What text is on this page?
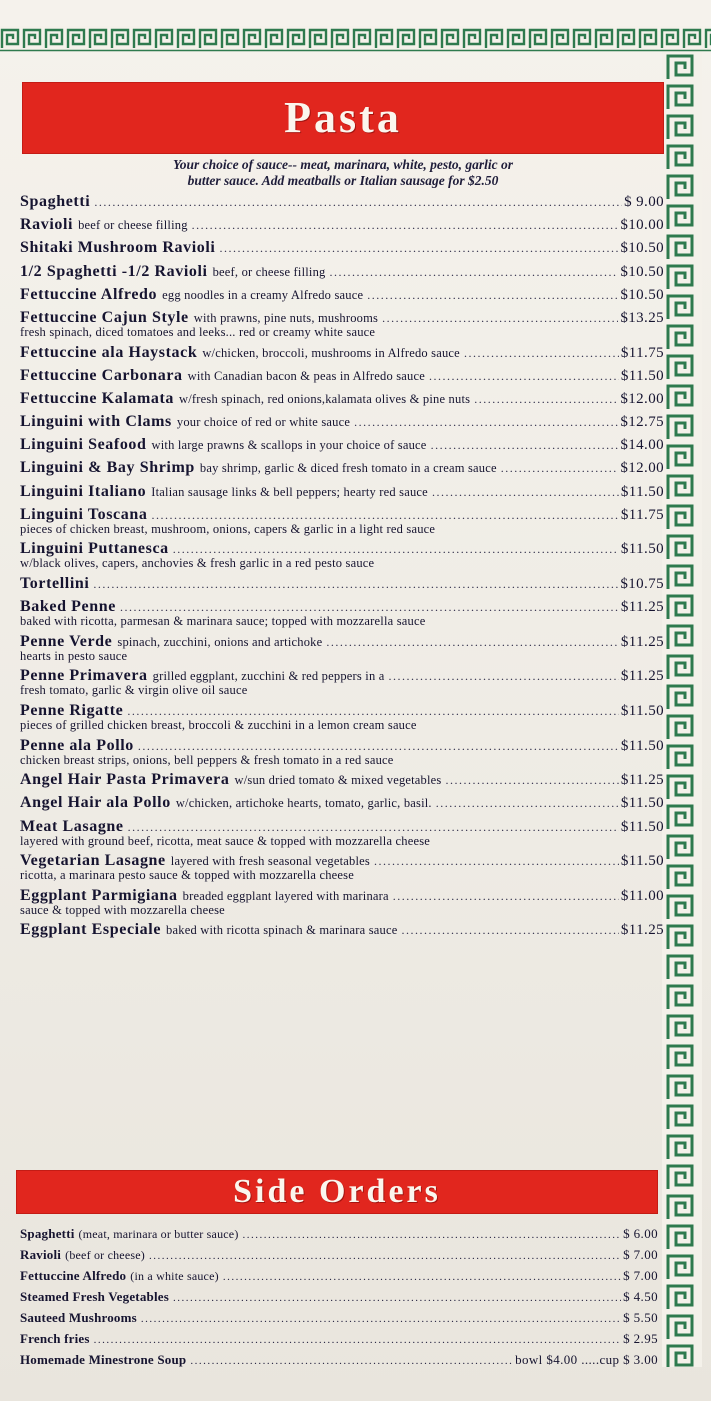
Pasta
Your choice of sauce-- meat, marinara, white, pesto, garlic or
butter sauce. Add meatballs or Italian sausage for $2.50
Spaghetti .....	$ 9.00
Ravioli beef or cheese filling .....	$10.00
Shitaki Mushroom Ravioli .....	$10.50
1/2 Spaghetti -1/2 Ravioli beef, or cheese filling .....	$10.50
Fettuccine Alfredo egg noodles in a creamy Alfredo sauce .....	$10.50
Fettuccine Cajun Style with prawns, pine nuts, mushrooms .....	$13.25
fresh spinach, diced tomatoes and leeks... red or creamy white sauce
Fettuccine ala Haystack w/chicken, broccoli, mushrooms in Alfredo sauce .....	$11.75
Fettuccine Carbonara with Canadian bacon & peas in Alfredo sauce .....	$11.50
Fettuccine Kalamata w/fresh spinach, red onions,kalamata olives & pine nuts .....	$12.00
Linguini with Clams your choice of red or white sauce .....	$12.75
Linguini Seafood with large prawns & scallops in your choice of sauce .....	$14.00
Linguini & Bay Shrimp bay shrimp, garlic & diced fresh tomato in a cream sauce .....	$12.00
Linguini Italiano Italian sausage links & bell peppers; hearty red sauce .....	$11.50
Linguini Toscana .....	$11.75
pieces of chicken breast, mushroom, onions, capers & garlic in a light red sauce
Linguini Puttanesca .....	$11.50
w/black olives, capers, anchovies & fresh garlic in a red pesto sauce
Tortellini .....	$10.75
Baked Penne .....	$11.25
baked with ricotta, parmesan & marinara sauce; topped with mozzarella sauce
Penne Verde spinach, zucchini, onions and artichoke .....	$11.25
hearts in pesto sauce
Penne Primavera grilled eggplant, zucchini & red peppers in a .....	$11.25
fresh tomato, garlic & virgin olive oil sauce
Penne Rigatte .....	$11.50
pieces of grilled chicken breast, broccoli & zucchini in a lemon cream sauce
Penne ala Pollo .....	$11.50
chicken breast strips, onions, bell peppers & fresh tomato in a red sauce
Angel Hair Pasta Primavera w/sun dried tomato & mixed vegetables .....	$11.25
Angel Hair ala Pollo w/chicken, artichoke hearts, tomato, garlic, basil. .....	$11.50
Meat Lasagne .....	$11.50
layered with ground beef, ricotta, meat sauce & topped with mozzarella cheese
Vegetarian Lasagne layered with fresh seasonal vegetables .....	$11.50
ricotta, a marinara pesto sauce & topped with mozzarella cheese
Eggplant Parmigiana breaded eggplant layered with marinara .....	$11.00
sauce & topped with mozzarella cheese
Eggplant Especiale baked with ricotta spinach & marinara sauce .....	$11.25
Side Orders
Spaghetti (meat, marinara or butter sauce) .....	$ 6.00
Ravioli (beef or cheese) .....	$ 7.00
Fettuccine Alfredo (in a white sauce) .....	$ 7.00
Steamed Fresh Vegetables .....	$ 4.50
Sauteed Mushrooms .....	$ 5.50
French fries .....	$ 2.95
Homemade Minestrone Soup .....	bowl $4.00 .....cup $ 3.00
